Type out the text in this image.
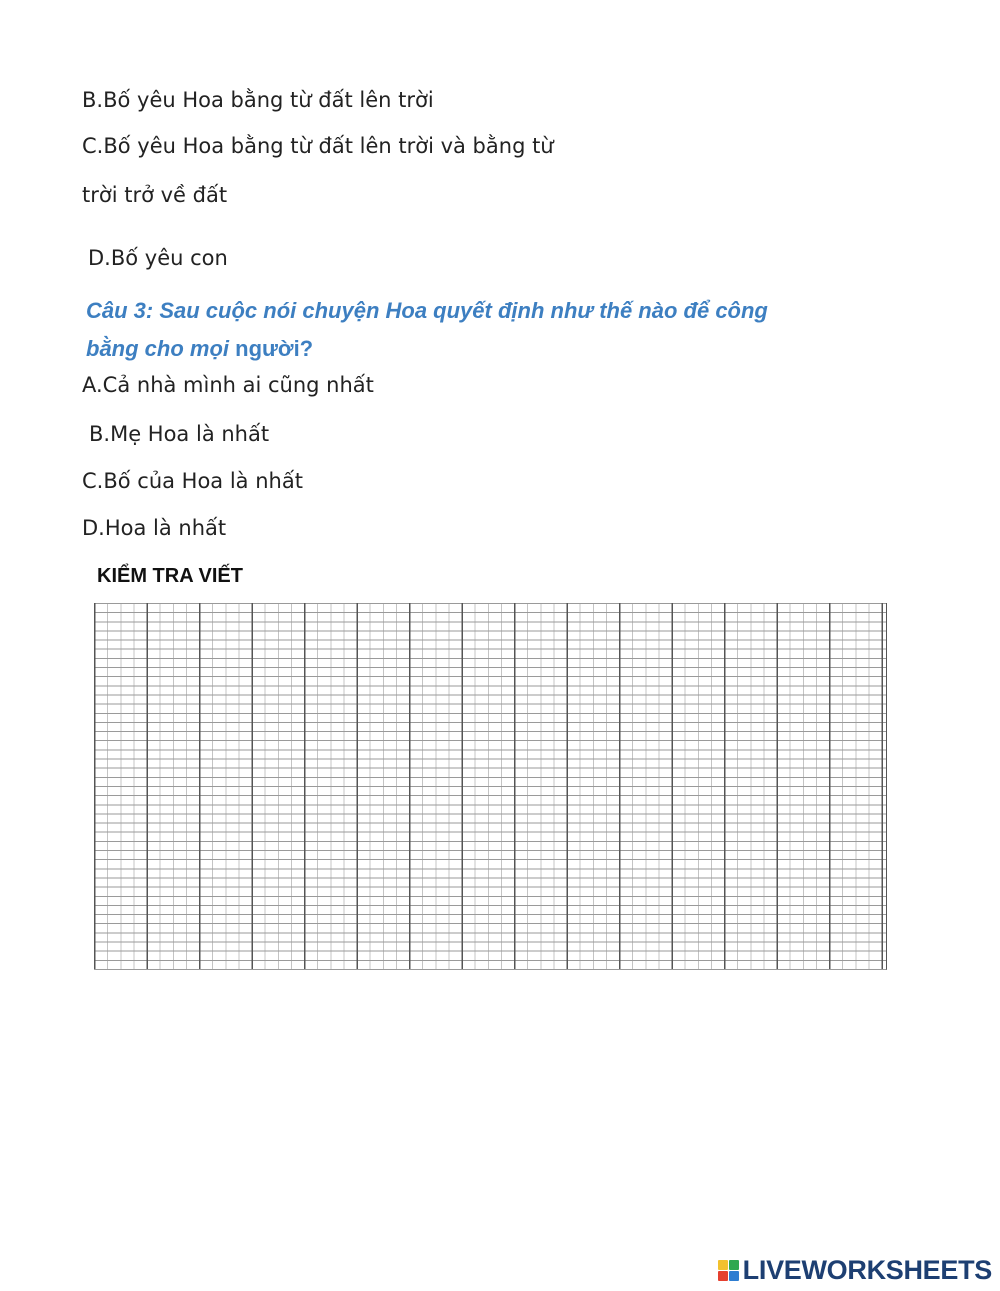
B.Bố yêu Hoa bằng từ đất lên trời
C.Bố yêu Hoa bằng từ đất lên trời và bằng từ
trời trở về đất
D.Bố yêu con
Câu 3: Sau cuộc nói chuyện Hoa quyết định như thế nào để công
bằng cho mọi người?
A.Cả nhà mình ai cũng nhất
B.Mẹ Hoa là nhất
C.Bố của Hoa là nhất
D.Hoa là nhất
KIỂM TRA VIẾT
LIVEWORKSHEETS
